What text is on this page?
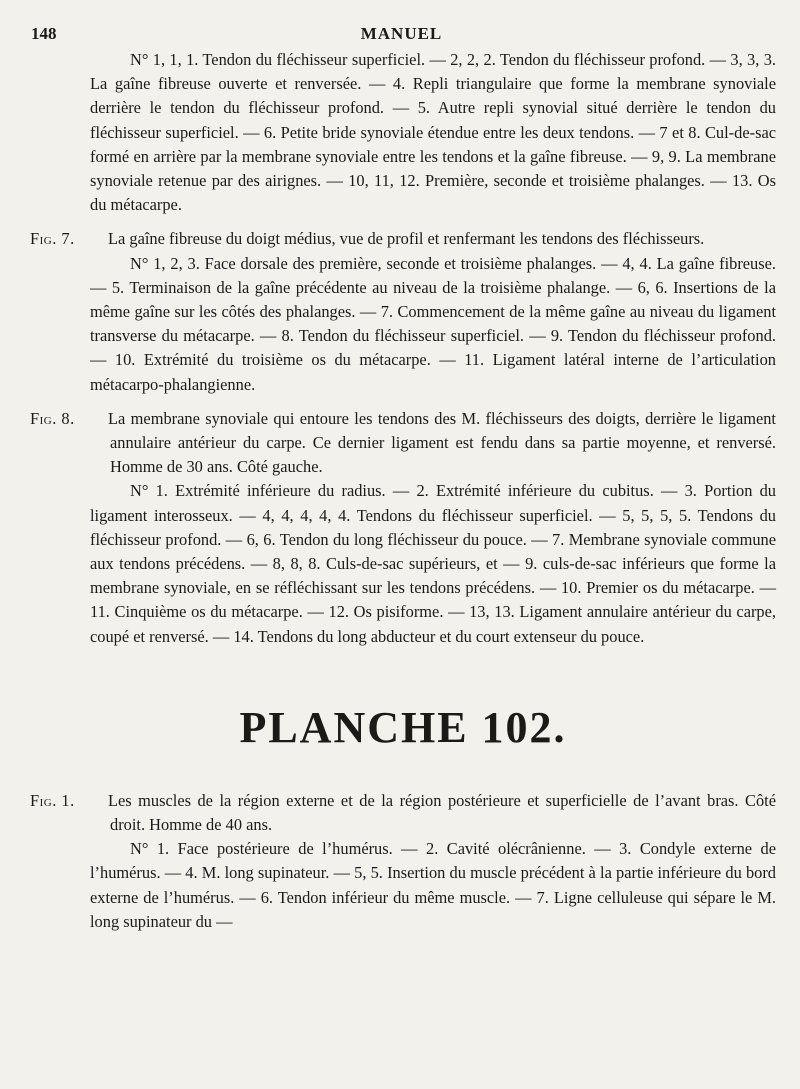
148	MANUEL

N° 1, 1, 1. Tendon du fléchisseur superficiel. — 2, 2, 2. Tendon du fléchisseur profond. — 3, 3, 3. La gaîne fibreuse ouverte et renversée. — 4. Repli triangulaire que forme la membrane synoviale derrière le tendon du fléchisseur profond. — 5. Autre repli synovial situé derrière le tendon du fléchisseur superficiel. — 6. Petite bride synoviale étendue entre les deux tendons. — 7 et 8. Cul-de-sac formé en arrière par la membrane synoviale entre les tendons et la gaîne fibreuse. — 9, 9. La membrane synoviale retenue par des airignes. — 10, 11, 12. Première, seconde et troisième phalanges. — 13. Os du métacarpe.

Fig. 7. La gaîne fibreuse du doigt médius, vue de profil et renfermant les tendons des fléchisseurs.

N° 1, 2, 3. Face dorsale des première, seconde et troisième phalanges. — 4, 4. La gaîne fibreuse. — 5. Terminaison de la gaîne précédente au niveau de la troisième phalange. — 6, 6. Insertions de la même gaîne sur les côtés des phalanges. — 7. Commencement de la même gaîne au niveau du ligament transverse du métacarpe. — 8. Tendon du fléchisseur superficiel. — 9. Tendon du fléchisseur profond. — 10. Extrémité du troisième os du métacarpe. — 11. Ligament latéral interne de l’articulation métacarpo-phalangienne.

Fig. 8. La membrane synoviale qui entoure les tendons des M. fléchisseurs des doigts, derrière le ligament annulaire antérieur du carpe. Ce dernier ligament est fendu dans sa partie moyenne, et renversé. Homme de 30 ans. Côté gauche.

N° 1. Extrémité inférieure du radius. — 2. Extrémité inférieure du cubitus. — 3. Portion du ligament interosseux. — 4, 4, 4, 4, 4. Tendons du fléchisseur superficiel. — 5, 5, 5, 5. Tendons du fléchisseur profond. — 6, 6. Tendon du long fléchisseur du pouce. — 7. Membrane synoviale commune aux tendons précédens. — 8, 8, 8. Culs-de-sac supérieurs, et — 9. culs-de-sac inférieurs que forme la membrane synoviale, en se réfléchissant sur les tendons précédens. — 10. Premier os du métacarpe. — 11. Cinquième os du métacarpe. — 12. Os pisiforme. — 13, 13. Ligament annulaire antérieur du carpe, coupé et renversé. — 14. Tendons du long abducteur et du court extenseur du pouce.

PLANCHE 102.

Fig. 1. Les muscles de la région externe et de la région postérieure et superficielle de l’avant bras. Côté droit. Homme de 40 ans.

N° 1. Face postérieure de l’humérus. — 2. Cavité olécrânienne. — 3. Condyle externe de l’humérus. — 4. M. long supinateur. — 5, 5. Insertion du muscle précédent à la partie inférieure du bord externe de l’humérus. — 6. Tendon inférieur du même muscle. — 7. Ligne celluleuse qui sépare le M. long supinateur du —
